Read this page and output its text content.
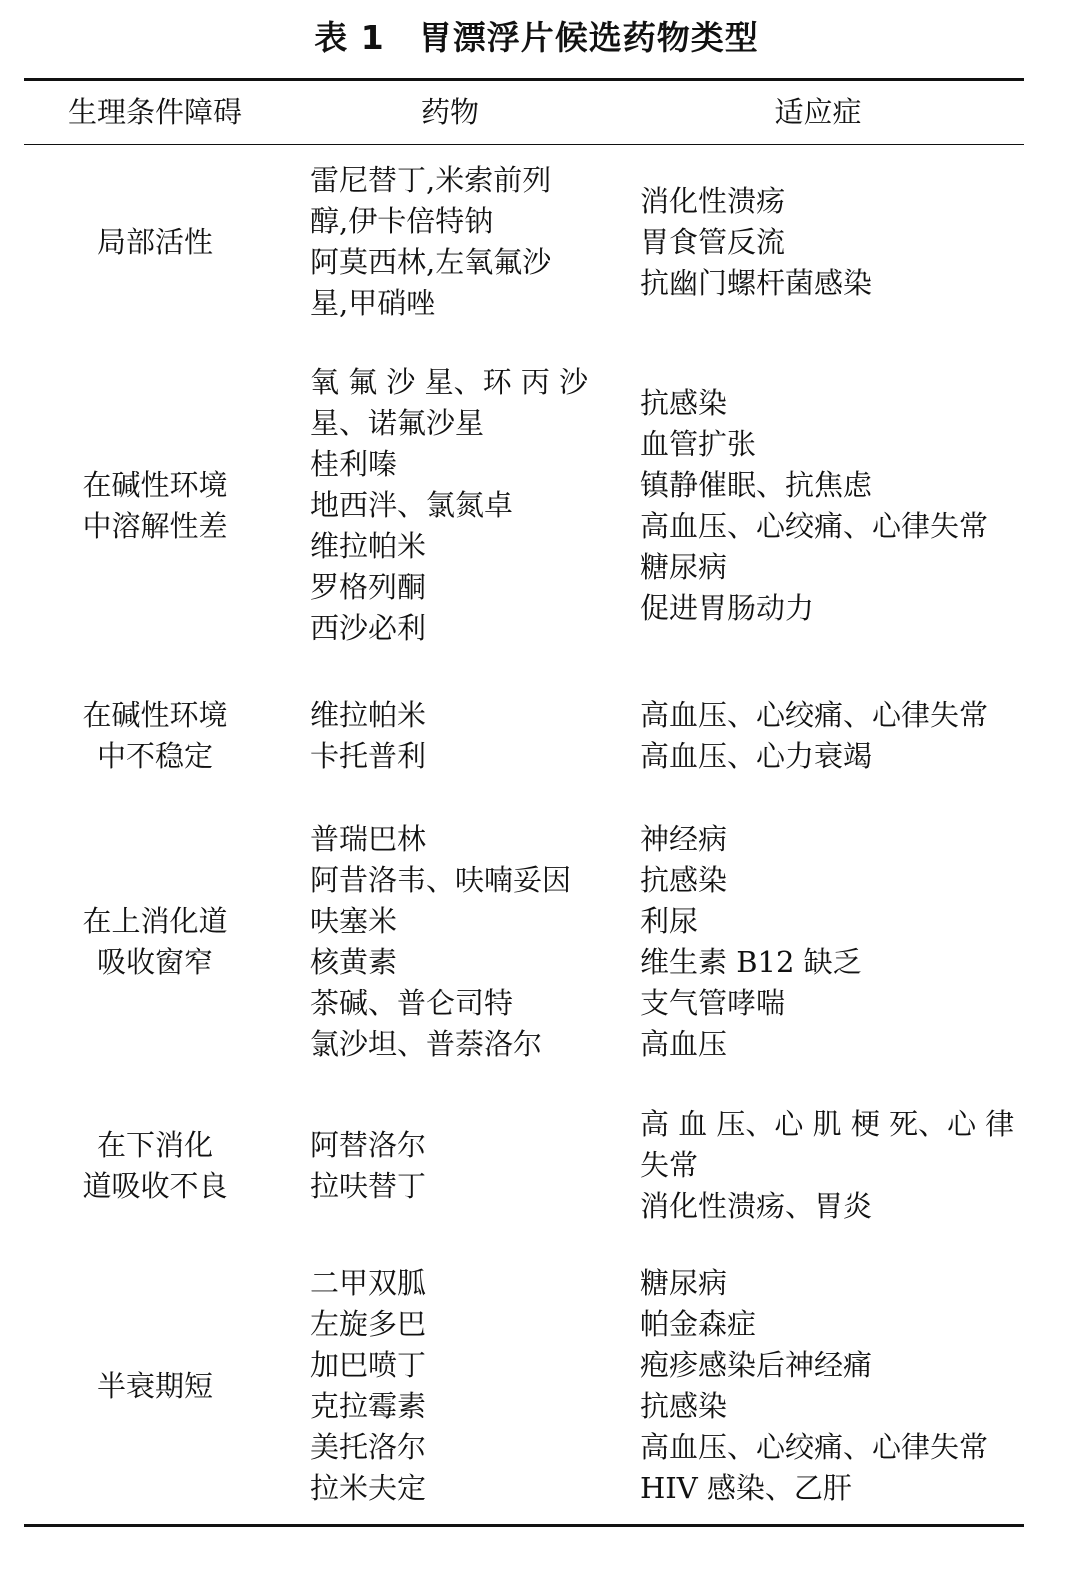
表 1 胃漂浮片候选药物类型
生理条件障碍	药物	适应症
局部活性
雷尼替丁,米索前列
醇,伊卡倍特钠
阿莫西林,左氧氟沙
星,甲硝唑
消化性溃疡
胃食管反流
抗幽门螺杆菌感染
在碱性环境
中溶解性差
氧 氟 沙 星、环 丙 沙
星、诺氟沙星
桂利嗪
地西泮、氯氮卓
维拉帕米
罗格列酮
西沙必利
抗感染
血管扩张
镇静催眠、抗焦虑
高血压、心绞痛、心律失常
糖尿病
促进胃肠动力
在碱性环境
中不稳定
维拉帕米
卡托普利
高血压、心绞痛、心律失常
高血压、心力衰竭
在上消化道
吸收窗窄
普瑞巴林
阿昔洛韦、呋喃妥因
呋塞米
核黄素
茶碱、普仑司特
氯沙坦、普萘洛尔
神经病
抗感染
利尿
维生素 B12 缺乏
支气管哮喘
高血压
在下消化
道吸收不良
阿替洛尔
拉呋替丁
高 血 压、心 肌 梗 死、心 律
失常
消化性溃疡、胃炎
半衰期短
二甲双胍
左旋多巴
加巴喷丁
克拉霉素
美托洛尔
拉米夫定
糖尿病
帕金森症
疱疹感染后神经痛
抗感染
高血压、心绞痛、心律失常
HIV 感染、乙肝
